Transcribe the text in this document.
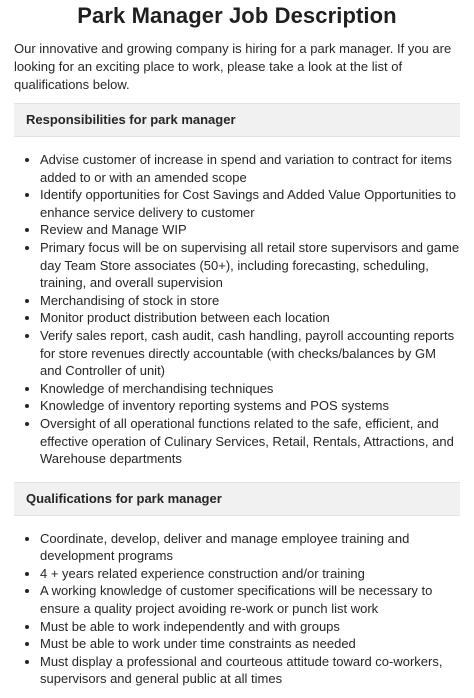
Park Manager Job Description

Our innovative and growing company is hiring for a park manager. If you are looking for an exciting place to work, please take a look at the list of qualifications below.

Responsibilities for park manager
• Advise customer of increase in spend and variation to contract for items added to or with an amended scope
• Identify opportunities for Cost Savings and Added Value Opportunities to enhance service delivery to customer
• Review and Manage WIP
• Primary focus will be on supervising all retail store supervisors and game day Team Store associates (50+), including forecasting, scheduling, training, and overall supervision
• Merchandising of stock in store
• Monitor product distribution between each location
• Verify sales report, cash audit, cash handling, payroll accounting reports for store revenues directly accountable (with checks/balances by GM and Controller of unit)
• Knowledge of merchandising techniques
• Knowledge of inventory reporting systems and POS systems
• Oversight of all operational functions related to the safe, efficient, and effective operation of Culinary Services, Retail, Rentals, Attractions, and Warehouse departments
Qualifications for park manager
• Coordinate, develop, deliver and manage employee training and development programs
• 4 + years related experience construction and/or training
• A working knowledge of customer specifications will be necessary to ensure a quality project avoiding re-work or punch list work
• Must be able to work independently and with groups
• Must be able to work under time constraints as needed
• Must display a professional and courteous attitude toward co-workers, supervisors and general public at all times
